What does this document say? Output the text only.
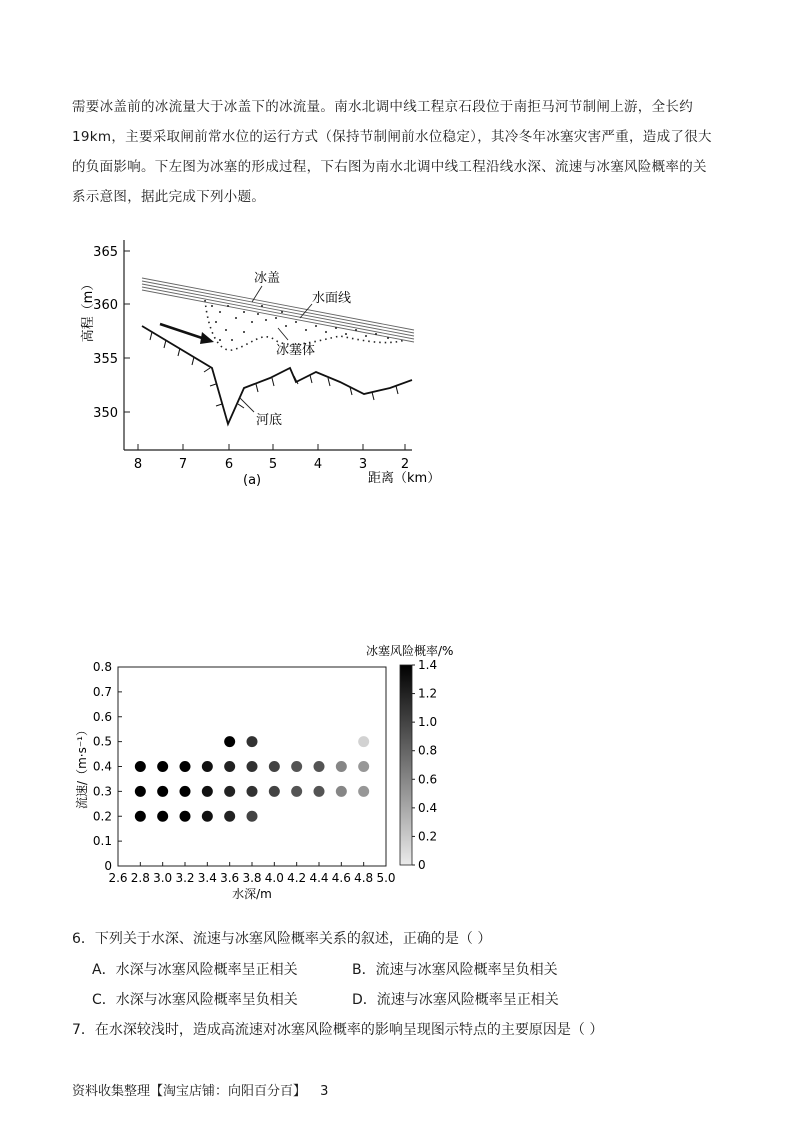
需要冰盖前的冰流量大于冰盖下的冰流量。南水北调中线工程京石段位于南拒马河节制闸上游，全长约
19km，主要采取闸前常水位的运行方式（保持节制闸前水位稳定），其冷冬年冰塞灾害严重，造成了很大
的负面影响。下左图为冰塞的形成过程，下右图为南水北调中线工程沿线水深、流速与冰塞风险概率的关
系示意图，据此完成下列小题。
365
360
355
350
高程（m）
8	7	6	5	4	3	2
距离（km）
(a)
冰盖
水面线
冰塞体
河底
2.6 2.8 3.0 3.2 3.4 3.6 3.8 4.0 4.2 4.4 4.6 4.8 5.0
0
0.1
0.2
0.3
0.4
0.5
0.6
0.7
0.8
水深/m
流速/（m·s⁻¹）
0
0.2
0.4
0.6
0.8
1.0
1.2
1.4
冰塞风险概率/%
6．下列关于水深、流速与冰塞风险概率关系的叙述，正确的是（ ）
A．水深与冰塞风险概率呈正相关	B．流速与冰塞风险概率呈负相关
C．水深与冰塞风险概率呈负相关	D．流速与冰塞风险概率呈正相关
7．在水深较浅时，造成高流速对冰塞风险概率的影响呈现图示特点的主要原因是（ ）
资料收集整理【淘宝店铺：向阳百分百】 3
